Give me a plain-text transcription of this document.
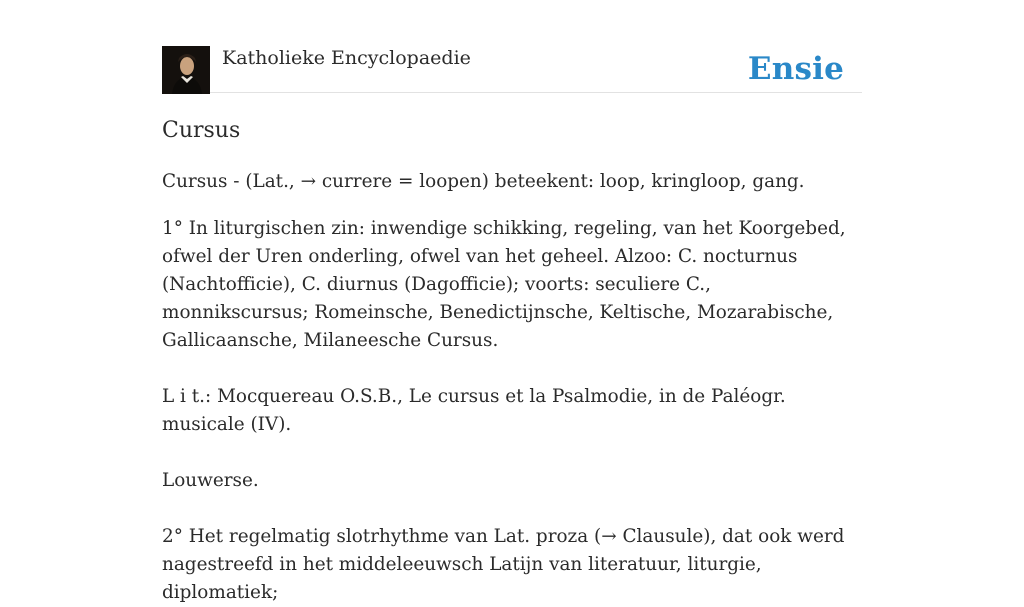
Katholieke Encyclopaedie	Ensie
Cursus

Cursus - (Lat., → currere = loopen) beteekent: loop, kringloop, gang.

1° In liturgischen zin: inwendige schikking, regeling, van het Koorgebed, ofwel der Uren onderling, ofwel van het geheel. Alzoo: C. nocturnus (Nachtofficie), C. diurnus (Dagofficie); voorts: seculiere C., monnikscursus; Romeinsche, Benedictijnsche, Keltische, Mozarabische, Gallicaansche, Milaneesche Cursus.

L i t.: Mocquereau O.S.B., Le cursus et la Psalmodie, in de Paléogr. musicale (IV).

Louwerse.

2° Het regelmatig slotrhythme van Lat. proza (→ Clausule), dat ook werd nagestreefd in het middeleeuwsch Latijn van literatuur, liturgie, diplomatiek;
